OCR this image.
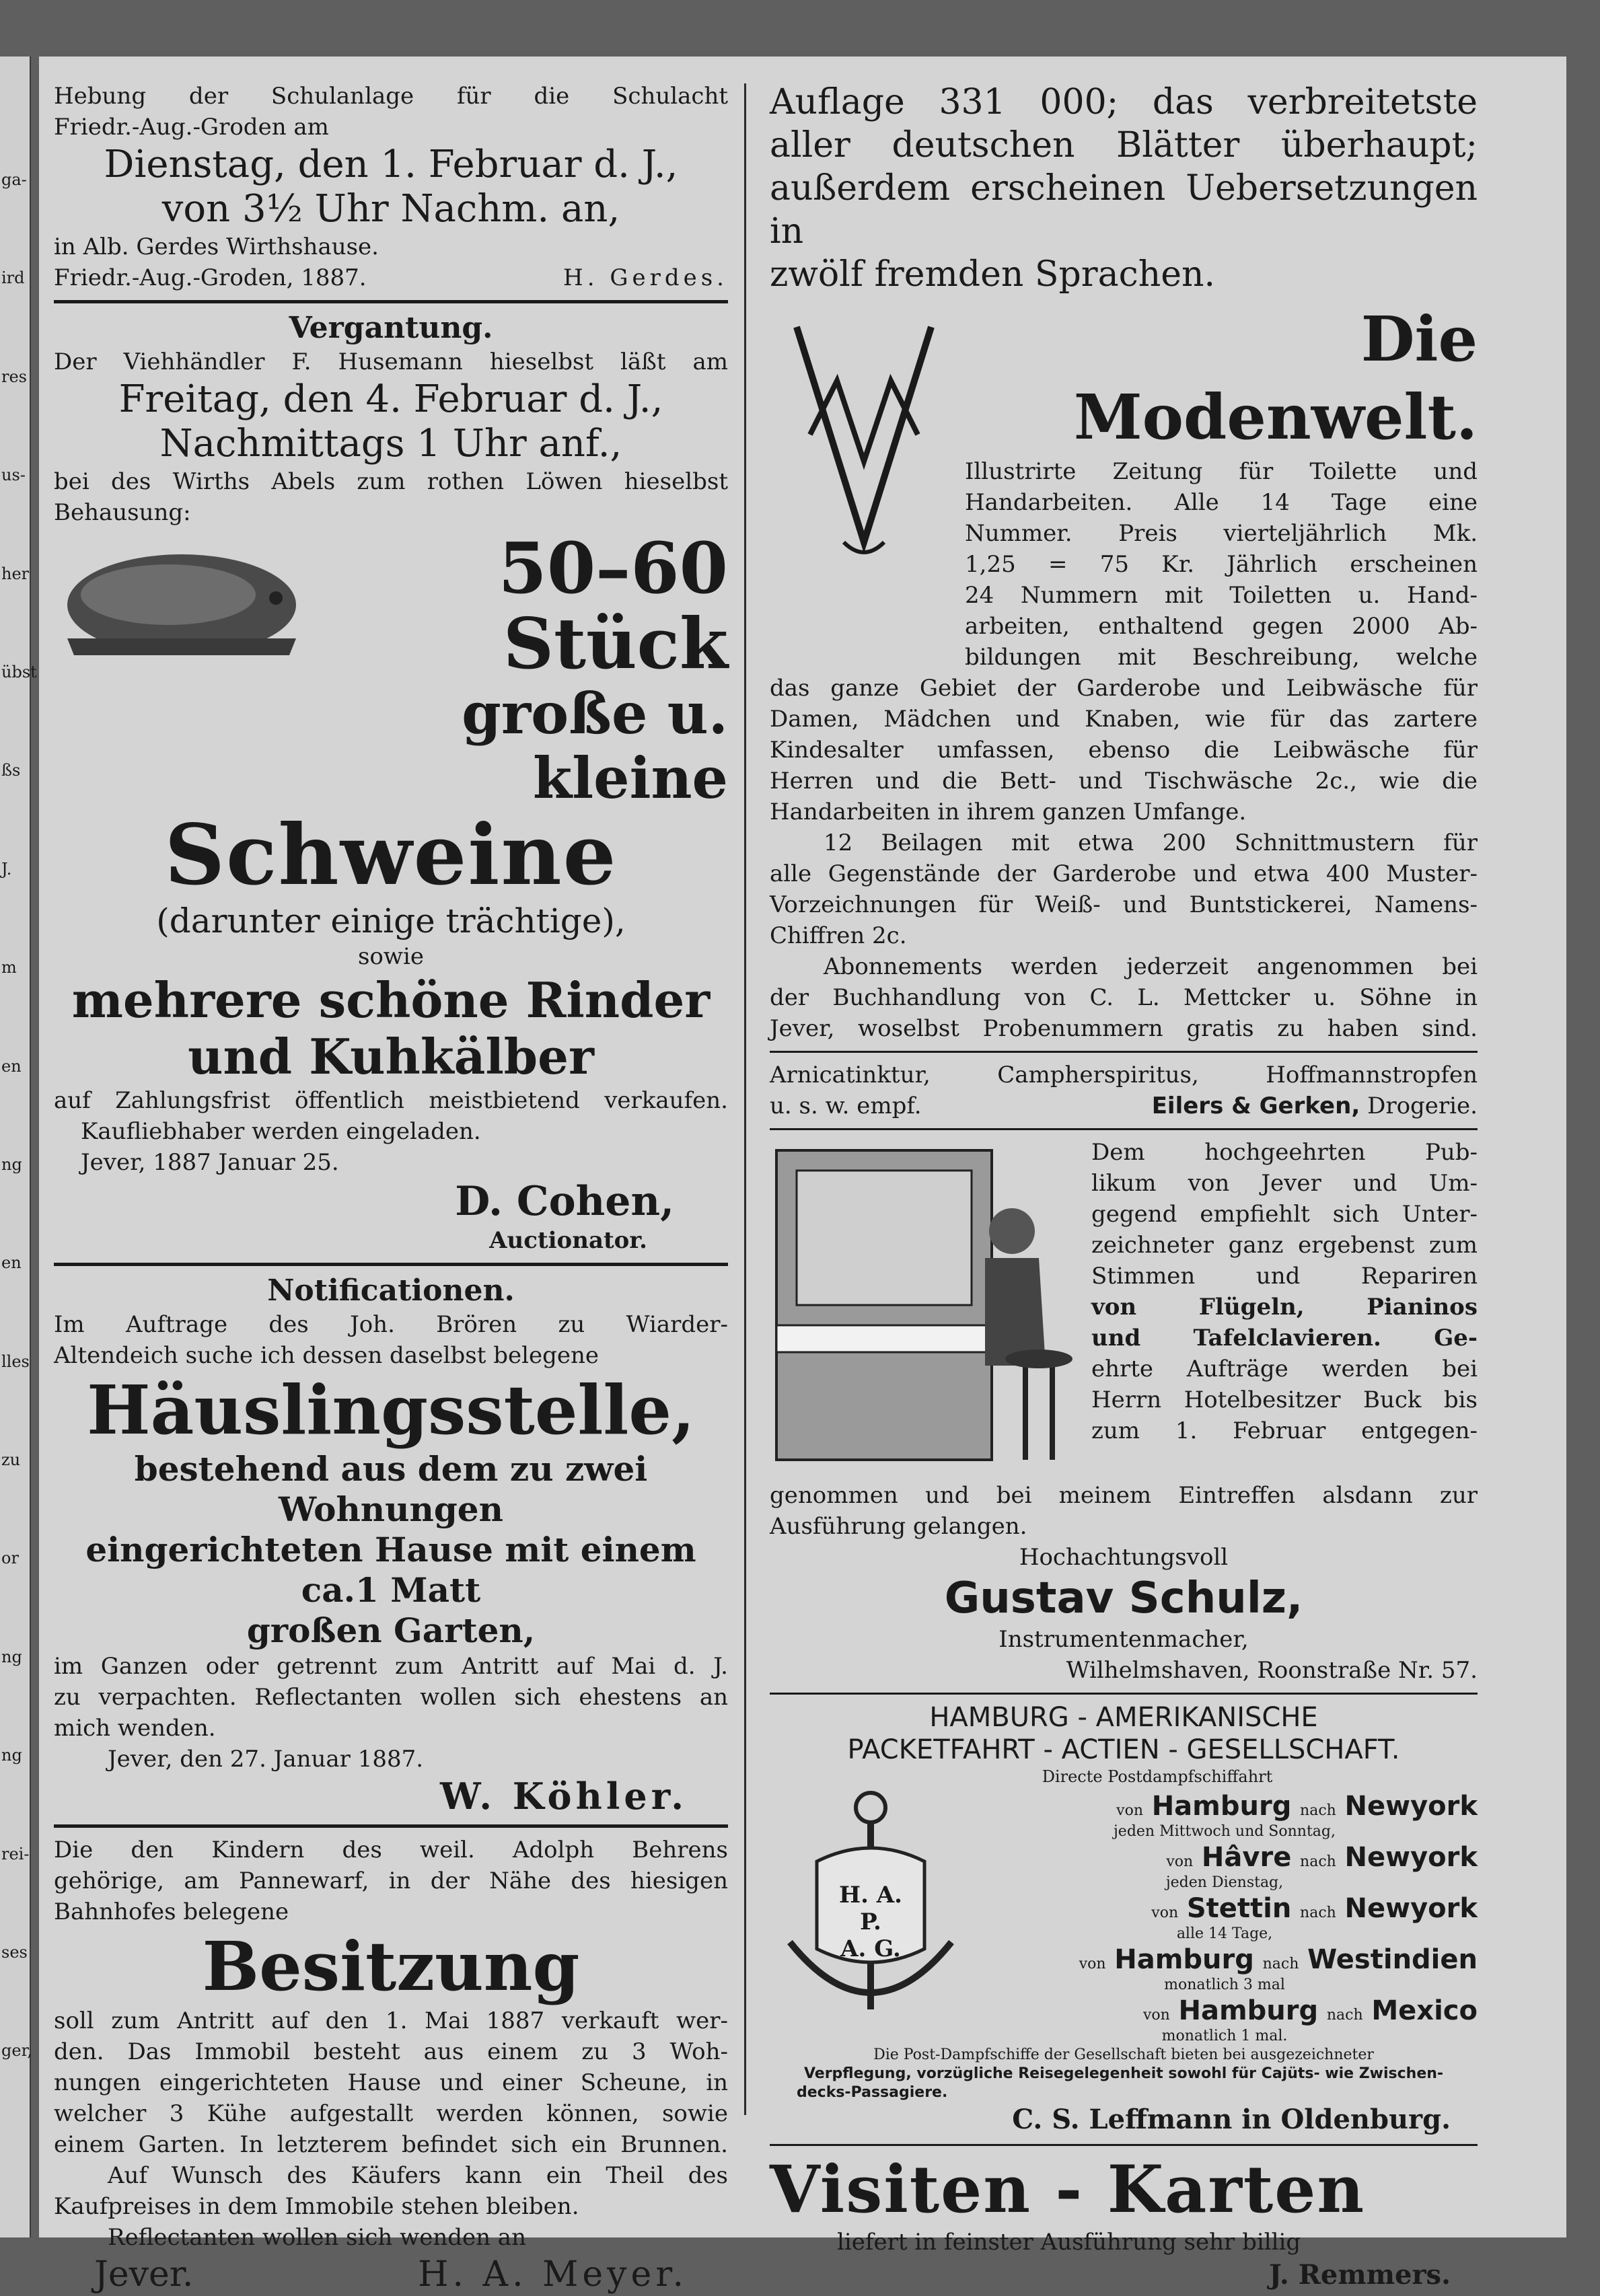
ga-
ird
res
us-
her
übst
ßs
J.
m
en
ng
en
lles
zu
or
ng
ng
rei-
ses
ger,

Hebung der Schulanlage für die Schulacht

Friedr.-Aug.-Groden am

Dienstag, den 1. Februar d. J.,

von 3½ Uhr Nachm. an,

in Alb. Gerdes Wirthshause.

Friedr.-Aug.-Groden, 1887.	H. Gerdes.

Vergantung.

Der Viehhändler F. Husemann hieselbst läßt am

Freitag, den 4. Februar d. J.,

Nachmittags 1 Uhr anf.,

bei des Wirths Abels zum rothen Löwen hieselbst

Behausung:

50–60 Stück

große u. kleine

Schweine

(darunter einige trächtige),

sowie

mehrere schöne Rinder

und Kuhkälber

auf Zahlungsfrist öffentlich meistbietend verkaufen.

Kaufliebhaber werden eingeladen.

Jever, 1887 Januar 25.

D. Cohen,

Auctionator.

Notificationen.

Im Auftrage des Joh. Brören zu Wiarder-

Altendeich suche ich dessen daselbst belegene

Häuslingsstelle,

bestehend aus dem zu zwei Wohnungen

eingerichteten Hause mit einem ca.1 Matt

großen Garten,

im Ganzen oder getrennt zum Antritt auf Mai d. J.

zu verpachten. Reflectanten wollen sich ehestens an

mich wenden.

Jever, den 27. Januar 1887.

W. Köhler.

Die den Kindern des weil. Adolph Behrens

gehörige, am Pannewarf, in der Nähe des hiesigen

Bahnhofes belegene

Besitzung

soll zum Antritt auf den 1. Mai 1887 verkauft wer-

den. Das Immobil besteht aus einem zu 3 Woh-

nungen eingerichteten Hause und einer Scheune, in

welcher 3 Kühe aufgestallt werden können, sowie

einem Garten. In letzterem befindet sich ein Brunnen.

Auf Wunsch des Käufers kann ein Theil des

Kaufpreises in dem Immobile stehen bleiben.

Reflectanten wollen sich wenden an

Jever.	H. A. Meyer.

Auflage 331 000; das verbreitetste

aller deutschen Blätter überhaupt;

außerdem erscheinen Uebersetzungen in

zwölf fremden Sprachen.

Die Modenwelt.

Illustrirte Zeitung für Toilette und

Handarbeiten. Alle 14 Tage eine

Nummer. Preis vierteljährlich Mk.

1,25 = 75 Kr. Jährlich erscheinen

24 Nummern mit Toiletten u. Hand-

arbeiten, enthaltend gegen 2000 Ab-

bildungen mit Beschreibung, welche

das ganze Gebiet der Garderobe und Leibwäsche für

Damen, Mädchen und Knaben, wie für das zartere

Kindesalter umfassen, ebenso die Leibwäsche für

Herren und die Bett- und Tischwäsche 2c., wie die

Handarbeiten in ihrem ganzen Umfange.

12 Beilagen mit etwa 200 Schnittmustern für

alle Gegenstände der Garderobe und etwa 400 Muster-

Vorzeichnungen für Weiß- und Buntstickerei, Namens-

Chiffren 2c.

Abonnements werden jederzeit angenommen bei

der Buchhandlung von C. L. Mettcker u. Söhne in

Jever, woselbst Probenummern gratis zu haben sind.

Arnicatinktur, Campherspiritus, Hoffmannstropfen

u. s. w. empf.	Eilers & Gerken, Drogerie.

Dem hochgeehrten Pub-

likum von Jever und Um-

gegend empfiehlt sich Unter-

zeichneter ganz ergebenst zum

Stimmen und Repariren

von Flügeln, Pianinos

und Tafelclavieren. Ge-

ehrte Aufträge werden bei

Herrn Hotelbesitzer Buck bis

zum 1. Februar entgegen-

genommen und bei meinem Eintreffen alsdann zur

Ausführung gelangen.

Hochachtungsvoll

Gustav Schulz,

Instrumentenmacher,

Wilhelmshaven, Roonstraße Nr. 57.

HAMBURG - AMERIKANISCHE

PACKETFAHRT - ACTIEN - GESELLSCHAFT.

Directe Postdampfschiffahrt

H. A.
P.
A. G.
von Hamburg nach Newyork
jeden Mittwoch und Sonntag,
von Hâvre nach Newyork
jeden Dienstag,
von Stettin nach Newyork
alle 14 Tage,
von Hamburg nach Westindien
monatlich 3 mal
von Hamburg nach Mexico
monatlich 1 mal.

Die Post-Dampfschiffe der Gesellschaft bieten bei ausgezeichneter

Verpflegung, vorzügliche Reisegelegenheit sowohl für Cajüts- wie Zwischen-

decks-Passagiere.

C. S. Leffmann in Oldenburg.

Visiten - Karten

liefert in feinster Ausführung sehr billig

J. Remmers.
